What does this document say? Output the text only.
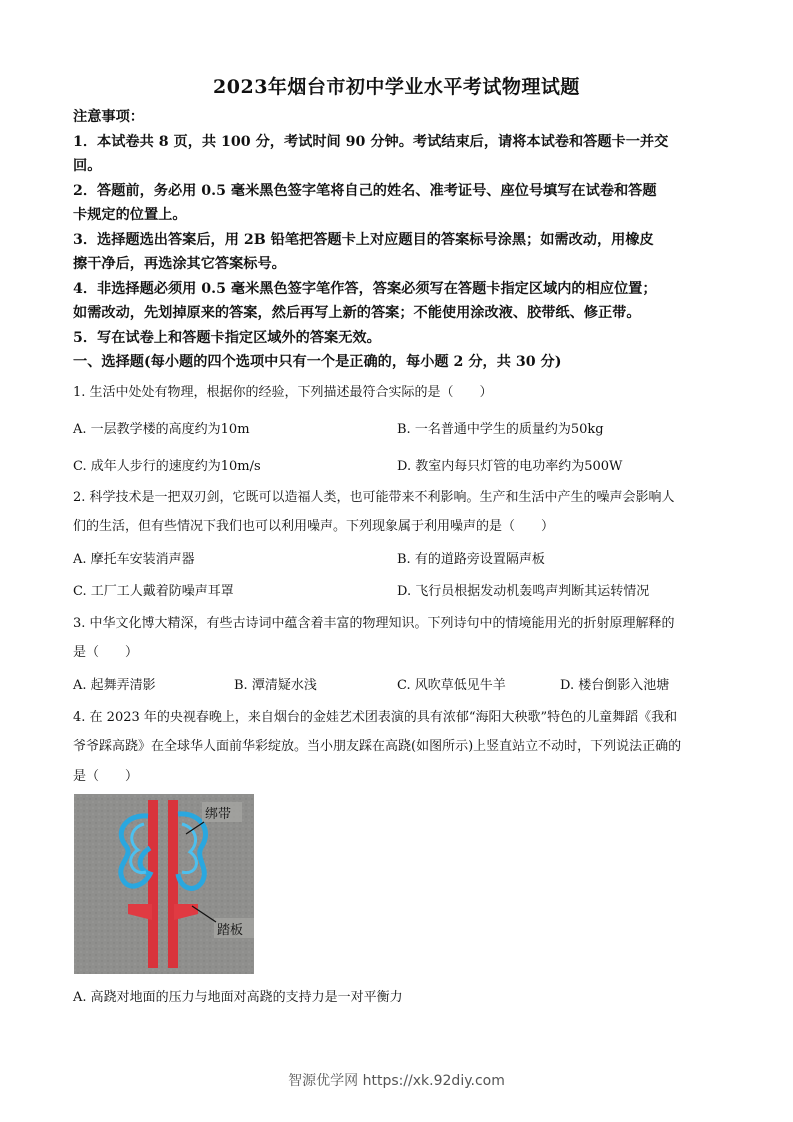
2023年烟台市初中学业水平考试物理试题
注意事项：
1．本试卷共 8 页，共 100 分，考试时间 90 分钟。考试结束后，请将本试卷和答题卡一并交
回。
2．答题前，务必用 0.5 毫米黑色签字笔将自己的姓名、准考证号、座位号填写在试卷和答题
卡规定的位置上。
3．选择题选出答案后，用 2B 铅笔把答题卡上对应题目的答案标号涂黑；如需改动，用橡皮
擦干净后，再选涂其它答案标号。
4．非选择题必须用 0.5 毫米黑色签字笔作答，答案必须写在答题卡指定区域内的相应位置；
如需改动，先划掉原来的答案，然后再写上新的答案；不能使用涂改液、胶带纸、修正带。
5．写在试卷上和答题卡指定区域外的答案无效。
一、选择题(每小题的四个选项中只有一个是正确的，每小题 2 分，共 30 分)
1. 生活中处处有物理，根据你的经验，下列描述最符合实际的是（　　）
A. 一层教学楼的高度约为10m	B. 一名普通中学生的质量约为50kg
C. 成年人步行的速度约为10m/s	D. 教室内每只灯管的电功率约为500W
2. 科学技术是一把双刃剑，它既可以造福人类，也可能带来不利影响。生产和生活中产生的噪声会影响人
们的生活，但有些情况下我们也可以利用噪声。下列现象属于利用噪声的是（　　）
A. 摩托车安装消声器	B. 有的道路旁设置隔声板
C. 工厂工人戴着防噪声耳罩	D. 飞行员根据发动机轰鸣声判断其运转情况
3. 中华文化博大精深，有些古诗词中蕴含着丰富的物理知识。下列诗句中的情境能用光的折射原理解释的
是（　　）
A. 起舞弄清影	B. 潭清疑水浅	C. 风吹草低见牛羊	D. 楼台倒影入池塘
4. 在 2023 年的央视春晚上，来自烟台的金娃艺术团表演的具有浓郁“海阳大秧歌”特色的儿童舞蹈《我和
爷爷踩高跷》在全球华人面前华彩绽放。当小朋友踩在高跷(如图所示)上竖直站立不动时，下列说法正确的
是（　　）
绑带
踏板
A. 高跷对地面的压力与地面对高跷的支持力是一对平衡力
智源优学网 https://xk.92diy.com
